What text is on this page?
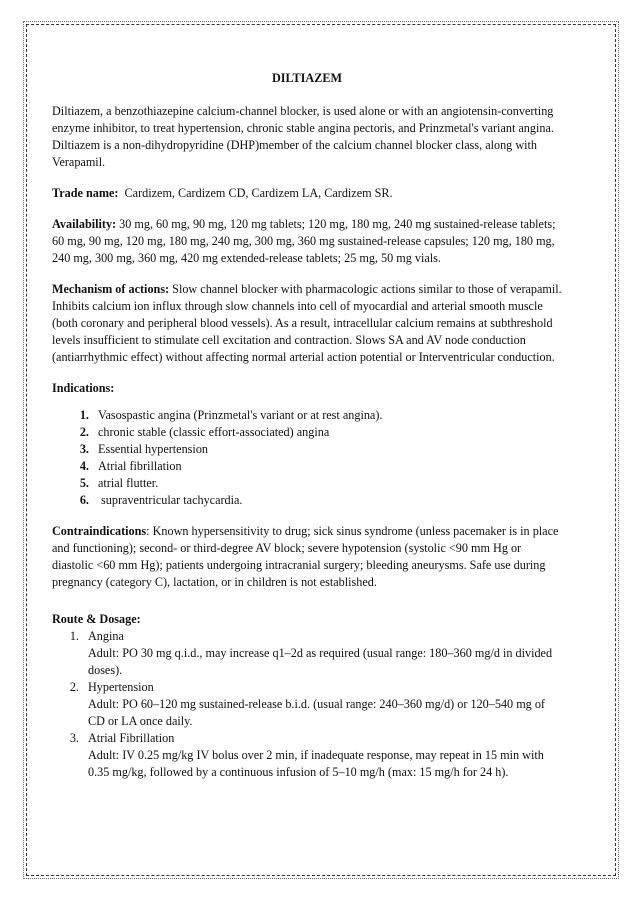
DILTIAZEM

Diltiazem, a benzothiazepine calcium-channel blocker, is used alone or with an angiotensin-converting enzyme inhibitor, to treat hypertension, chronic stable angina pectoris, and Prinzmetal's variant angina. Diltiazem is a non-dihydropyridine (DHP)member of the calcium channel blocker class, along with Verapamil.

Trade name: Cardizem, Cardizem CD, Cardizem LA, Cardizem SR.

Availability: 30 mg, 60 mg, 90 mg, 120 mg tablets; 120 mg, 180 mg, 240 mg sustained-release tablets; 60 mg, 90 mg, 120 mg, 180 mg, 240 mg, 300 mg, 360 mg sustained-release capsules; 120 mg, 180 mg, 240 mg, 300 mg, 360 mg, 420 mg extended-release tablets; 25 mg, 50 mg vials.

Mechanism of actions: Slow channel blocker with pharmacologic actions similar to those of verapamil. Inhibits calcium ion influx through slow channels into cell of myocardial and arterial smooth muscle (both coronary and peripheral blood vessels). As a result, intracellular calcium remains at subthreshold levels insufficient to stimulate cell excitation and contraction. Slows SA and AV node conduction (antiarrhythmic effect) without affecting normal arterial action potential or Interventricular conduction.

Indications:

1. Vasospastic angina (Prinzmetal's variant or at rest angina).
2. chronic stable (classic effort-associated) angina
3. Essential hypertension
4. Atrial fibrillation
5. atrial flutter.
6.  supraventricular tachycardia.

Contraindications: Known hypersensitivity to drug; sick sinus syndrome (unless pacemaker is in place and functioning); second- or third-degree AV block; severe hypotension (systolic <90 mm Hg or diastolic <60 mm Hg); patients undergoing intracranial surgery; bleeding aneurysms. Safe use during pregnancy (category C), lactation, or in children is not established.

Route & Dosage:

1. Angina
Adult: PO 30 mg q.i.d., may increase q1–2d as required (usual range: 180–360 mg/d in divided doses).
2. Hypertension
Adult: PO 60–120 mg sustained-release b.i.d. (usual range: 240–360 mg/d) or 120–540 mg of CD or LA once daily.
3. Atrial Fibrillation
Adult: IV 0.25 mg/kg IV bolus over 2 min, if inadequate response, may repeat in 15 min with 0.35 mg/kg, followed by a continuous infusion of 5–10 mg/h (max: 15 mg/h for 24 h).
